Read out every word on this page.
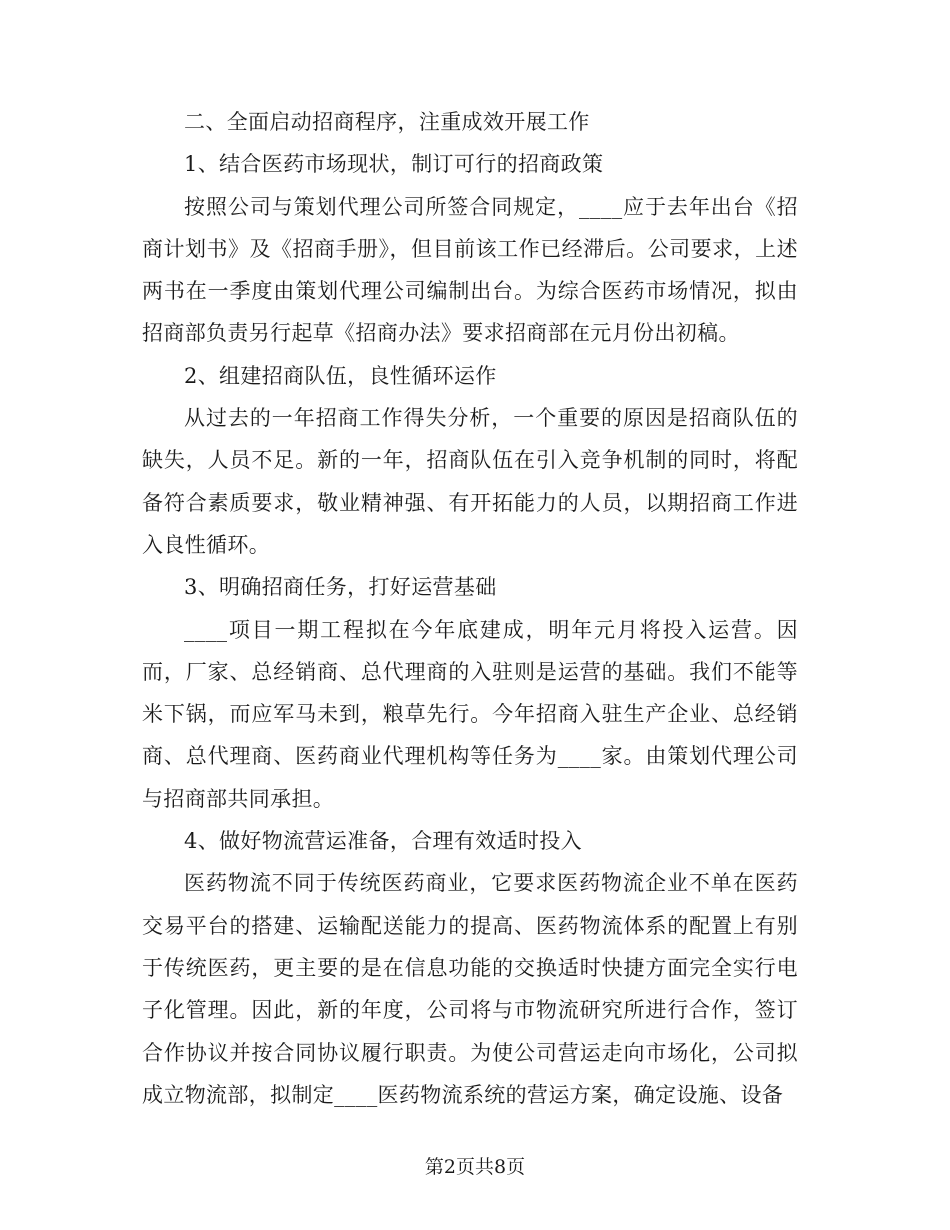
二、全面启动招商程序，注重成效开展工作

1、结合医药市场现状，制订可行的招商政策

按照公司与策划代理公司所签合同规定，____应于去年出台《招商计划书》及《招商手册》，但目前该工作已经滞后。公司要求，上述两书在一季度由策划代理公司编制出台。为综合医药市场情况，拟由招商部负责另行起草《招商办法》要求招商部在元月份出初稿。

2、组建招商队伍，良性循环运作

从过去的一年招商工作得失分析，一个重要的原因是招商队伍的缺失，人员不足。新的一年，招商队伍在引入竞争机制的同时，将配备符合素质要求，敬业精神强、有开拓能力的人员，以期招商工作进入良性循环。

3、明确招商任务，打好运营基础

____项目一期工程拟在今年底建成，明年元月将投入运营。因而，厂家、总经销商、总代理商的入驻则是运营的基础。我们不能等米下锅，而应军马未到，粮草先行。今年招商入驻生产企业、总经销商、总代理商、医药商业代理机构等任务为____家。由策划代理公司与招商部共同承担。

4、做好物流营运准备，合理有效适时投入

医药物流不同于传统医药商业，它要求医药物流企业不单在医药交易平台的搭建、运输配送能力的提高、医药物流体系的配置上有别于传统医药，更主要的是在信息功能的交换适时快捷方面完全实行电子化管理。因此，新的年度，公司将与市物流研究所进行合作，签订合作协议并按合同协议履行职责。为使公司营运走向市场化，公司拟成立物流部，拟制定____医药物流系统的营运方案，确定设施、设备

第2页共8页
